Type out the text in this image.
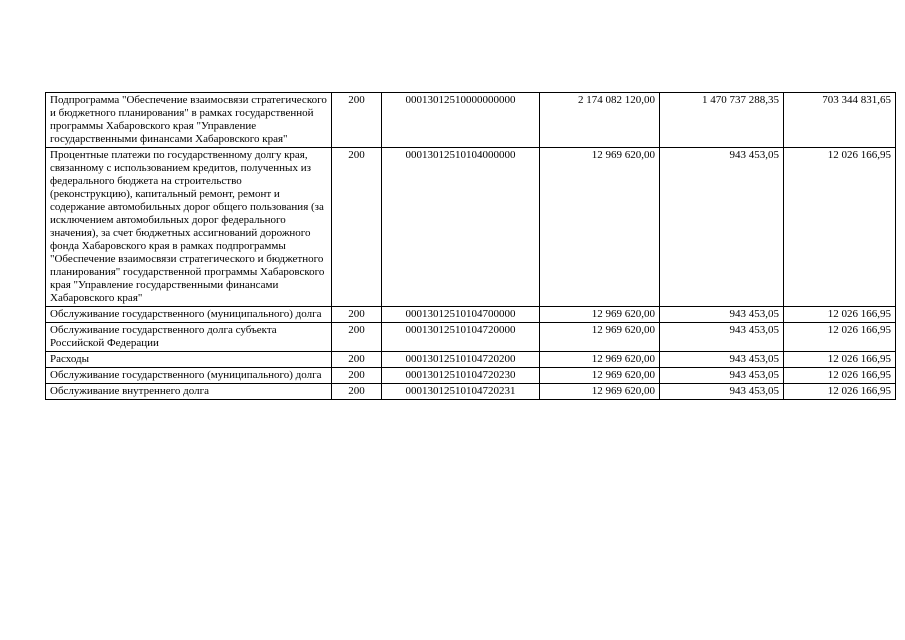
Подпрограмма "Обеспечение взаимосвязи стратегического и бюджетного планирования" в рамках государственной программы Хабаровского края "Управление государственными финансами Хабаровского края"	200	00013012510000000000	2 174 082 120,00	1 470 737 288,35	703 344 831,65
Процентные платежи по государственному долгу края, связанному с использованием кредитов, полученных из федерального бюджета на строительство (реконструкцию), капитальный ремонт, ремонт и содержание автомобильных дорог общего пользования (за исключением автомобильных дорог федерального значения), за счет бюджетных ассигнований дорожного фонда Хабаровского края в рамках подпрограммы "Обеспечение взаимосвязи стратегического и бюджетного планирования" государственной программы Хабаровского края "Управление государственными финансами Хабаровского края"	200	00013012510104000000	12 969 620,00	943 453,05	12 026 166,95
Обслуживание государственного (муниципального) долга	200	00013012510104700000	12 969 620,00	943 453,05	12 026 166,95
Обслуживание государственного долга субъекта Российской Федерации	200	00013012510104720000	12 969 620,00	943 453,05	12 026 166,95
Расходы	200	00013012510104720200	12 969 620,00	943 453,05	12 026 166,95
Обслуживание государственного (муниципального) долга	200	00013012510104720230	12 969 620,00	943 453,05	12 026 166,95
Обслуживание внутреннего долга	200	00013012510104720231	12 969 620,00	943 453,05	12 026 166,95
